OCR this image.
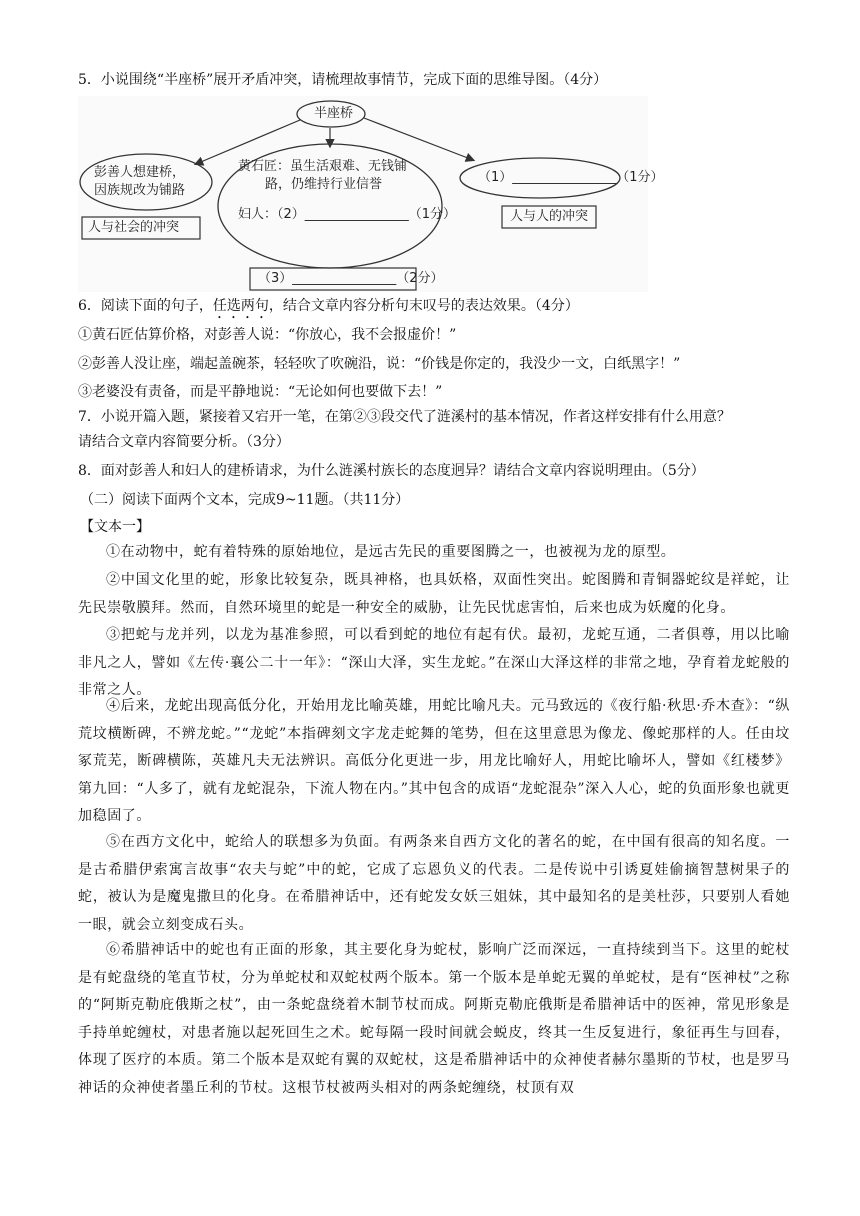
5．小说围绕“半座桥”展开矛盾冲突，请梳理故事情节，完成下面的思维导图。（4分）
半座桥
彭善人想建桥，
因族规改为铺路
人与社会的冲突
黄石匠：虽生活艰难、无钱铺
路，仍维持行业信誉
妇人：（2）________________（1分）
（1）________________（1分）
人与人的冲突
（3）________________（2分）
6．阅读下面的句子，任选两句，结合文章内容分析句末叹号的表达效果。（4分）
①黄石匠估算价格，对彭善人说：“你放心，我不会报虚价！”
②彭善人没让座，端起盖碗茶，轻轻吹了吹碗沿，说：“价钱是你定的，我没少一文，白纸黑字！”
③老婆没有责备，而是平静地说：“无论如何也要做下去！”
7．小说开篇入题，紧接着又宕开一笔，在第②③段交代了涟溪村的基本情况，作者这样安排有什么用意？
请结合文章内容简要分析。（3分）
8．面对彭善人和妇人的建桥请求，为什么涟溪村族长的态度迥异？请结合文章内容说明理由。（5分）
（二）阅读下面两个文本，完成9~11题。（共11分）
【文本一】
①在动物中，蛇有着特殊的原始地位，是远古先民的重要图腾之一，也被视为龙的原型。
②中国文化里的蛇，形象比较复杂，既具神格，也具妖格，双面性突出。蛇图腾和青铜器蛇纹是祥蛇，让先民崇敬膜拜。然而，自然环境里的蛇是一种安全的威胁，让先民忧虑害怕，后来也成为妖魔的化身。
③把蛇与龙并列，以龙为基准参照，可以看到蛇的地位有起有伏。最初，龙蛇互通，二者俱尊，用以比喻非凡之人，譬如《左传·襄公二十一年》：“深山大泽，实生龙蛇。”在深山大泽这样的非常之地，孕育着龙蛇般的非常之人。
④后来，龙蛇出现高低分化，开始用龙比喻英雄，用蛇比喻凡夫。元马致远的《夜行船·秋思·乔木查》：“纵荒坟横断碑，不辨龙蛇。”“龙蛇”本指碑刻文字龙走蛇舞的笔势，但在这里意思为像龙、像蛇那样的人。任由坟冢荒芜，断碑横陈，英雄凡夫无法辨识。高低分化更进一步，用龙比喻好人，用蛇比喻坏人，譬如《红楼梦》第九回：“人多了，就有龙蛇混杂，下流人物在内。”其中包含的成语“龙蛇混杂”深入人心，蛇的负面形象也就更加稳固了。
⑤在西方文化中，蛇给人的联想多为负面。有两条来自西方文化的著名的蛇，在中国有很高的知名度。一是古希腊伊索寓言故事“农夫与蛇”中的蛇，它成了忘恩负义的代表。二是传说中引诱夏娃偷摘智慧树果子的蛇，被认为是魔鬼撒旦的化身。在希腊神话中，还有蛇发女妖三姐妹，其中最知名的是美杜莎，只要别人看她一眼，就会立刻变成石头。
⑥希腊神话中的蛇也有正面的形象，其主要化身为蛇杖，影响广泛而深远，一直持续到当下。这里的蛇杖是有蛇盘绕的笔直节杖，分为单蛇杖和双蛇杖两个版本。第一个版本是单蛇无翼的单蛇杖，是有“医神杖”之称的“阿斯克勒庇俄斯之杖”，由一条蛇盘绕着木制节杖而成。阿斯克勒庇俄斯是希腊神话中的医神，常见形象是手持单蛇缠杖，对患者施以起死回生之术。蛇每隔一段时间就会蜕皮，终其一生反复进行，象征再生与回春，体现了医疗的本质。第二个版本是双蛇有翼的双蛇杖，这是希腊神话中的众神使者赫尔墨斯的节杖，也是罗马神话的众神使者墨丘利的节杖。这根节杖被两头相对的两条蛇缠绕，杖顶有双
